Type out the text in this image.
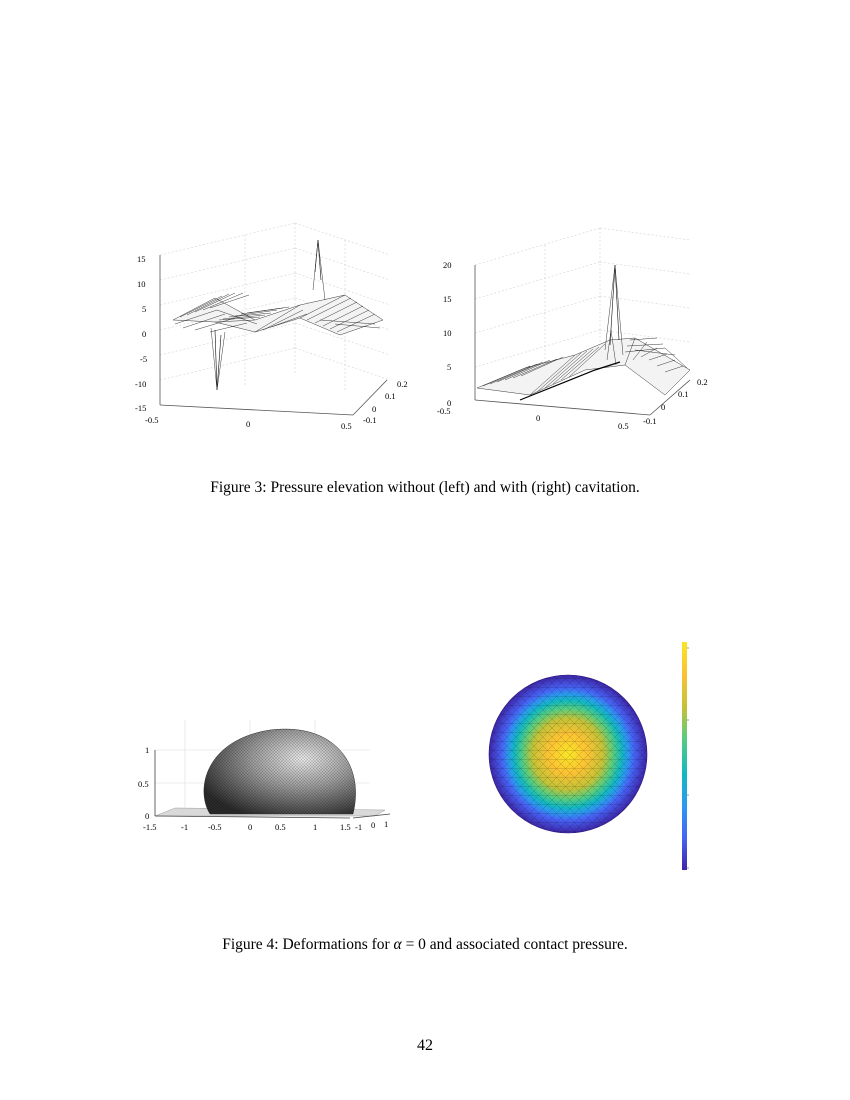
15
10
5
0
-5
-10
-15
-0.5	0	0.5
-0.1
0
0.1
0.2
20
15
10
5
0
-0.5
0
0.5 -0.1
0
0.1
0.2
Figure 3: Pressure elevation without (left) and with (right) cavitation.
1
0.5
0
-1.5	-1 -0.5	0	0.5	1	1.5 -1 0 1
Figure 4: Deformations for α = 0 and associated contact pressure.
42
